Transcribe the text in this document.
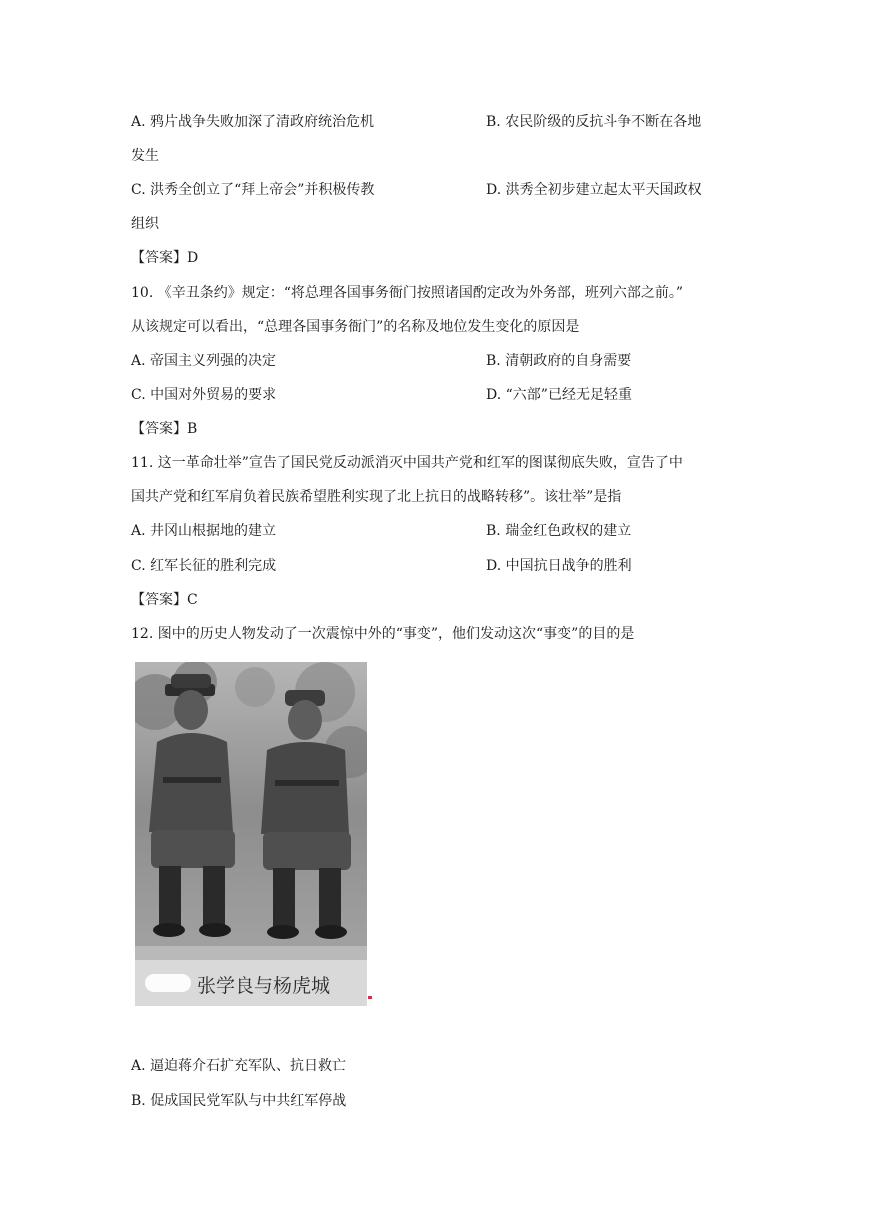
A. 鸦片战争失败加深了清政府统治危机	B. 农民阶级的反抗斗争不断在各地
发生
C. 洪秀全创立了“拜上帝会”并积极传教	D. 洪秀全初步建立起太平天国政权
组织
【答案】D
10. 《辛丑条约》规定：“将总理各国事务衙门按照诸国酌定改为外务部，班列六部之前。”
从该规定可以看出，“总理各国事务衙门”的名称及地位发生变化的原因是
A. 帝国主义列强的决定	B. 清朝政府的自身需要
C. 中国对外贸易的要求	D. “六部”已经无足轻重
【答案】B
11. 这一革命壮举”宣告了国民党反动派消灭中国共产党和红军的图谋彻底失败，宣告了中
国共产党和红军肩负着民族希望胜利实现了北上抗日的战略转移”。该壮举”是指
A. 井冈山根据地的建立	B. 瑞金红色政权的建立
C. 红军长征的胜利完成	D. 中国抗日战争的胜利
【答案】C
12. 图中的历史人物发动了一次震惊中外的“事变”，他们发动这次“事变”的目的是
张学良与杨虎城
A. 逼迫蒋介石扩充军队、抗日救亡
B. 促成国民党军队与中共红军停战
